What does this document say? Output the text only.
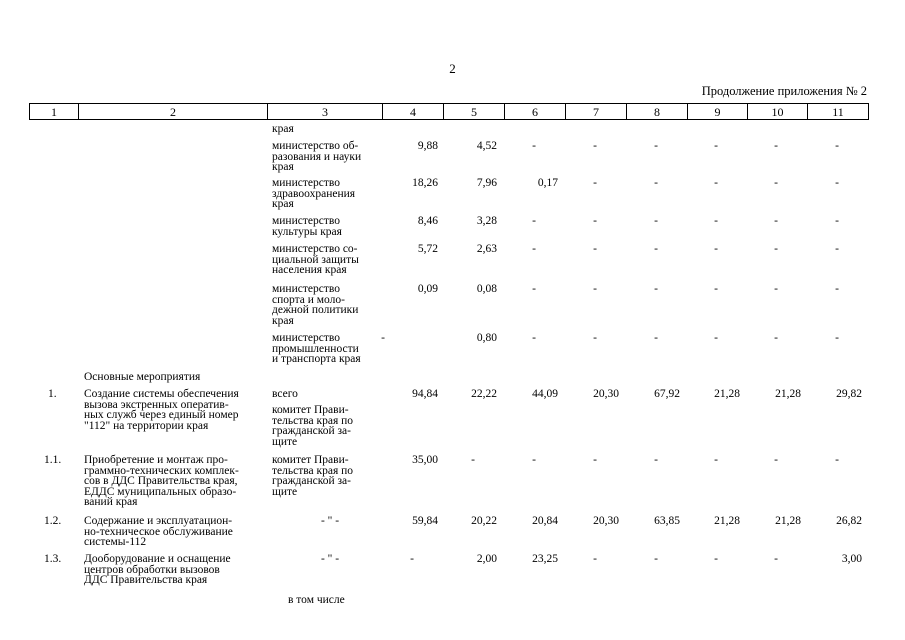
2
Продолжение приложения № 2
1	2	3	4	5	6	7	8	9	10	11
края
министерство об-
разования и науки
края
9,88	4,52	-	-	-	-	-	-
министерство
здравоохранения
края
18,26	7,96	0,17	-	-	-	-	-
министерство
культуры края
8,46	3,28	-	-	-	-	-	-
министерство со-
циальной защиты
населения края
5,72	2,63	-	-	-	-	-	-
министерство
спорта и моло-
дежной политики
края
0,09	0,08	-	-	-	-	-	-
министерство
промышленности
и транспорта края
-	0,80	-	-	-	-	-	-
Основные мероприятия
1. Создание системы обеспечения
вызова экстренных оператив-
ных служб через единый номер
"112" на территории края
всего
комитет Прави-
тельства края по
гражданской за-
щите
94,84	22,22	44,09	20,30	67,92	21,28	21,28	29,82
1.1. Приобретение и монтаж про-
граммно-технических комплек-
сов в ДДС Правительства края,
ЕДДС муниципальных образо-
ваний края
комитет Прави-
тельства края по
гражданской за-
щите
35,00	-	-	-	-	-	-	-
1.2. Содержание и эксплуатацион-
но-техническое обслуживание
системы-112
- " -	59,84	20,22	20,84	20,30	63,85	21,28	21,28	26,82
1.3. Дооборудование и оснащение
центров обработки вызовов
ДДС Правительства края
- " -	-	2,00	23,25	-	-	-	-	3,00
в том числе
